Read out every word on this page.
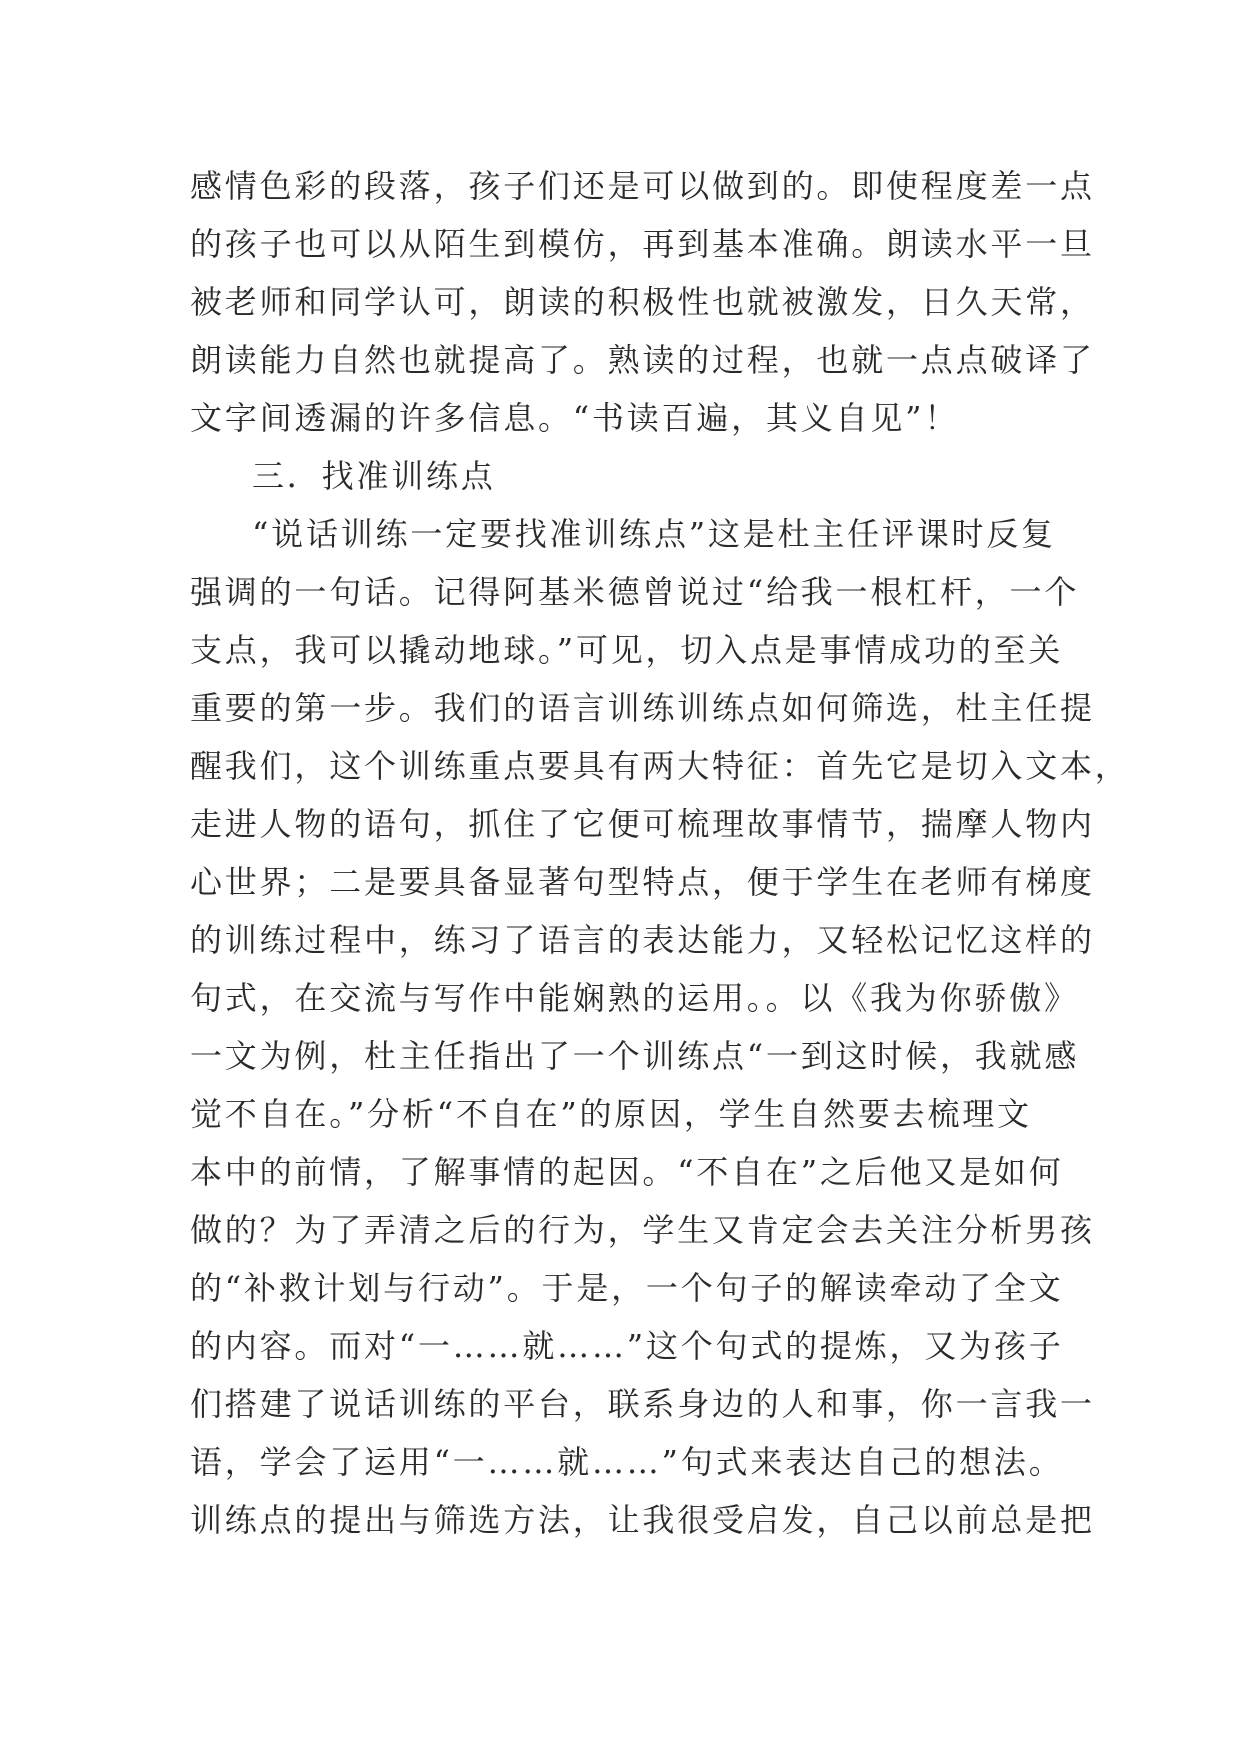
感情色彩的段落，孩子们还是可以做到的。即使程度差一点
的孩子也可以从陌生到模仿，再到基本准确。朗读水平一旦
被老师和同学认可，朗读的积极性也就被激发，日久天常，
朗读能力自然也就提高了。熟读的过程，也就一点点破译了
文字间透漏的许多信息。“书读百遍，其义自见”！
三．找准训练点
“说话训练一定要找准训练点”这是杜主任评课时反复
强调的一句话。记得阿基米德曾说过“给我一根杠杆，一个
支点，我可以撬动地球。”可见，切入点是事情成功的至关
重要的第一步。我们的语言训练训练点如何筛选，杜主任提
醒我们，这个训练重点要具有两大特征：首先它是切入文本，
走进人物的语句，抓住了它便可梳理故事情节，揣摩人物内
心世界；二是要具备显著句型特点，便于学生在老师有梯度
的训练过程中，练习了语言的表达能力，又轻松记忆这样的
句式，在交流与写作中能娴熟的运用。。以《我为你骄傲》
一文为例，杜主任指出了一个训练点“一到这时候，我就感
觉不自在。”分析“不自在”的原因，学生自然要去梳理文
本中的前情，了解事情的起因。“不自在”之后他又是如何
做的？为了弄清之后的行为，学生又肯定会去关注分析男孩
的“补救计划与行动”。于是，一个句子的解读牵动了全文
的内容。而对“一……就……”这个句式的提炼，又为孩子
们搭建了说话训练的平台，联系身边的人和事，你一言我一
语，学会了运用“一……就……”句式来表达自己的想法。
训练点的提出与筛选方法，让我很受启发，自己以前总是把
